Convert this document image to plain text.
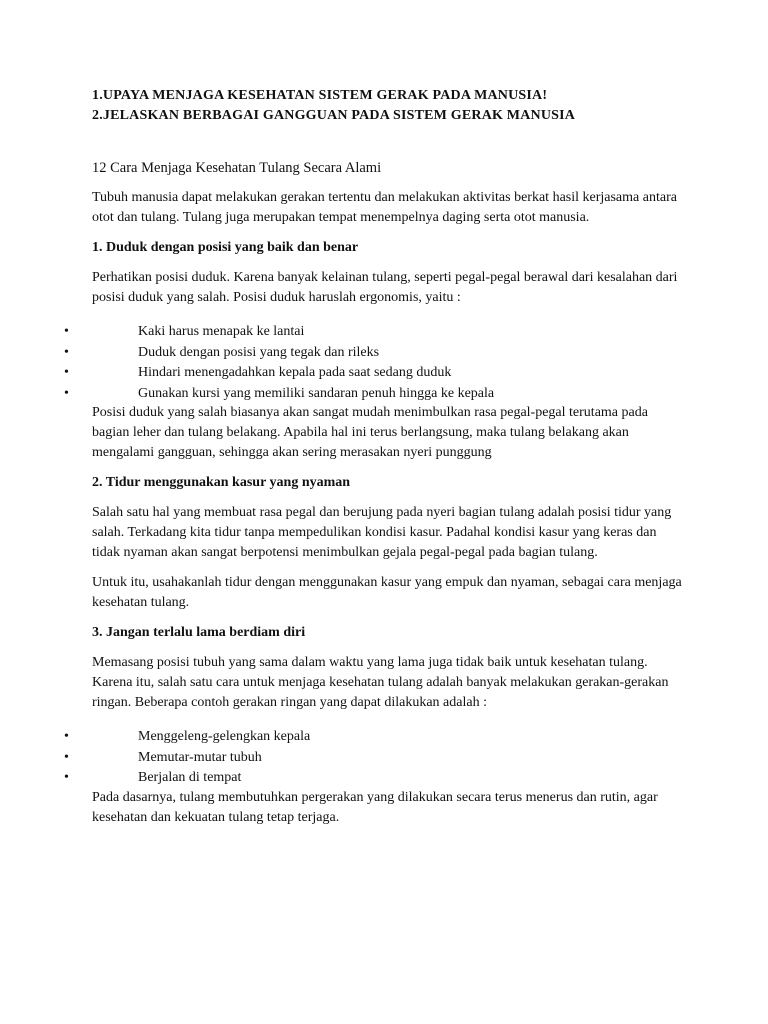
1.UPAYA MENJAGA KESEHATAN SISTEM GERAK PADA MANUSIA!
2.JELASKAN BERBAGAI GANGGUAN PADA SISTEM GERAK MANUSIA
12 Cara Menjaga Kesehatan Tulang Secara Alami

Tubuh manusia dapat melakukan gerakan tertentu dan melakukan aktivitas berkat hasil kerjasama antara otot dan tulang. Tulang juga merupakan tempat menempelnya daging serta otot manusia.

1. Duduk dengan posisi yang baik dan benar

Perhatikan posisi duduk. Karena banyak kelainan tulang, seperti pegal-pegal berawal dari kesalahan dari posisi duduk yang salah. Posisi duduk haruslah ergonomis, yaitu :

•	Kaki harus menapak ke lantai
•	Duduk dengan posisi yang tegak dan rileks
•	Hindari menengadahkan kepala pada saat sedang duduk
•	Gunakan kursi yang memiliki sandaran penuh hingga ke kepala

Posisi duduk yang salah biasanya akan sangat mudah menimbulkan rasa pegal-pegal terutama pada bagian leher dan tulang belakang. Apabila hal ini terus berlangsung, maka tulang belakang akan mengalami gangguan, sehingga akan sering merasakan nyeri punggung

2. Tidur menggunakan kasur yang nyaman

Salah satu hal yang membuat rasa pegal dan berujung pada nyeri bagian tulang adalah posisi tidur yang salah. Terkadang kita tidur tanpa mempedulikan kondisi kasur. Padahal kondisi kasur yang keras dan tidak nyaman akan sangat berpotensi menimbulkan gejala pegal-pegal pada bagian tulang.

Untuk itu, usahakanlah tidur dengan menggunakan kasur yang empuk dan nyaman, sebagai cara menjaga kesehatan tulang.

3. Jangan terlalu lama berdiam diri

Memasang posisi tubuh yang sama dalam waktu yang lama juga tidak baik untuk kesehatan tulang. Karena itu, salah satu cara untuk menjaga kesehatan tulang adalah banyak melakukan gerakan-gerakan ringan. Beberapa contoh gerakan ringan yang dapat dilakukan adalah :

•	Menggeleng-gelengkan kepala
•	Memutar-mutar tubuh
•	Berjalan di tempat

Pada dasarnya, tulang membutuhkan pergerakan yang dilakukan secara terus menerus dan rutin, agar kesehatan dan kekuatan tulang tetap terjaga.
